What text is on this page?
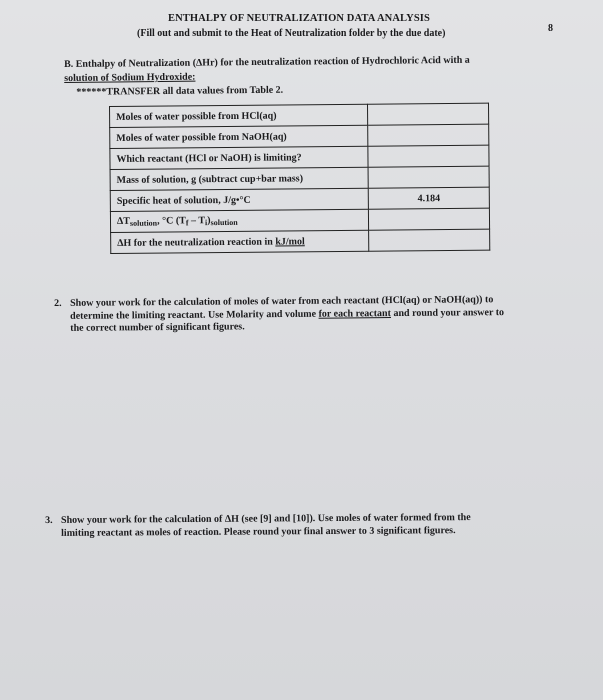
ENTHALPY OF NEUTRALIZATION DATA ANALYSIS
(Fill out and submit to the Heat of Neutralization folder by the due date)	8
B. Enthalpy of Neutralization (ΔHr) for the neutralization reaction of Hydrochloric Acid with a
solution of Sodium Hydroxide:
******TRANSFER all data values from Table 2.
Moles of water possible from HCl(aq)	
Moles of water possible from NaOH(aq)	
Which reactant (HCl or NaOH) is limiting?	
Mass of solution, g (subtract cup+bar mass)	
Specific heat of solution, J/g•°C	4.184
$\Delta T_{solution}$, °C $(T_f - T_i)_{solution}$	
ΔH for the neutralization reaction in kJ/mol	
2. Show your work for the calculation of moles of water from each reactant (HCl(aq) or NaOH(aq)) to
determine the limiting reactant. Use Molarity and volume for each reactant and round your answer to
the correct number of significant figures.
3. Show your work for the calculation of ΔH (see [9] and [10]). Use moles of water formed from the
limiting reactant as moles of reaction. Please round your final answer to 3 significant figures.
